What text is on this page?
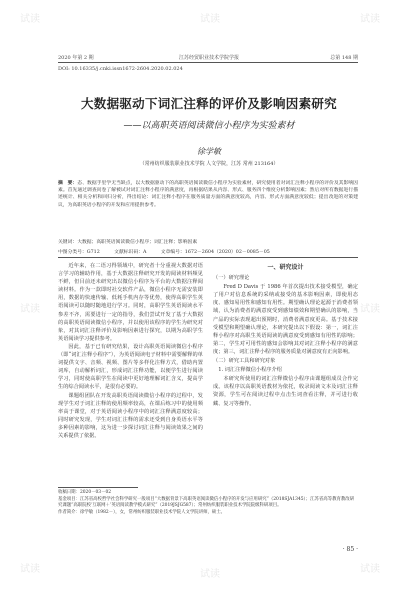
试读	试读	试读
试读	试读
试读	试读	试读
2020 年第 2 期	江苏经贸职业技术学院学报	总第 148 期
DOI: 10.16335/j.cnki.issn1672-2604.2020.02.024
大数据驱动下词汇注释的评价及影响因素研究
——以高职英语阅读微信小程序为实验素材
徐学敏
（常州纺织服装职业技术学院 人文学院，江苏 常州 213164）
摘　要：态、数据手里学无当缺点，以大数据驱动下的高职英语阅读微信小程序为实验素材，研究使用者对词汇注释小程序的评价及其影响因素。首先通过调查问卷了解被试对词汇注释小程序的满意度，再根据结果从内容、形式、服务四个维度分析影响因素；然后对所有数据进行描述统计、相关分析和回归分析，得出结论：词汇注释小程序在服务质量方面的满意度较高，内容、形式方面满意度较低；提出改进的对策建议，为高职英语小程序的开发和应用提供参考。
关键词：大数据；高职英语阅读微信小程序；词汇注释；影响因素
中图分类号：G712　　　文献标识码：A　　　文章编号：1672－2604（2020）02－0085－05

近年来，在二语习得领域中，研究者十分重视大数据对语言学习的辅助作用，基于大数据注释研究开发的阅读材料频见不鲜，但目前还未研究出以微信小程序为平台的大数据注释阅读材料。作为一款即时社交软件产品，微信小程序无需安装即用，数据的快速传输、低耗手机内存等优势，使得高职学生英语阅读可以随时随地进行学习。同时，高职学生英语阅读水平参差不齐，需要进行一定的指导，我们尝试开发了基于大数据的高职英语阅读微信小程序，并以使用该程序的学生为研究对象，对其词汇注释评价及影响因素进行探究，以期为高职学生英语阅读学习提供参考。

因此，基于已有研究结果，设计高职英语阅读微信小程序（即“词汇注释小程序”），为英语阅读电子材料中需要解释的单词提供文字、音频、视频、图片等多样化注释方式，借助内置词库，自动解析词汇，形成词汇注释功能，以便学生进行阅读学习，同时使高职学生在阅读中更好地理解词汇含义，提高学生的综合阅读水平，是很有必要的。

课题组团队在开发高职英语阅读微信小程序的过程中，发现学生对于词汇注释的使用频率较高，在课后练习中的使用频率高于课堂，对于英语阅读小程序中的词汇注释满意度较高；同时研究发现，学生对词汇注释的需求还受到自身英语水平等多种因素的影响，这为进一步探讨词汇注释与阅读效果之间的关系提供了依据。

一、研究设计

（一）研究理论

Fred D Davis 于 1986 年首次提出技术接受模型，确定了用户对信息系统的采纳或接受的基本影响因素，即使用态度、感知易用性和感知有用性。期望确认理论起源于消费者领域，认为消费者的满意度受到感知绩效和期望确认的影响，当产品的实际表现超出预期时，消费者满意度更高。基于技术接受模型和期望确认理论，本研究提出以下假设：第一，词汇注释小程序对高职生英语阅读的满意度受到感知有用性的影响；第二，学生对可用性的感知会影响其对词汇注释小程序的满意度；第三，词汇注释小程序的服务质量对满意度有正向影响。

（二）研究工具和研究对象

1. 词汇注释微信小程序介绍

本研究所使用的词汇注释微信小程序由课题组成员合作完成。该程序以高职英语教材为依托，收录阅读文本及词汇注释资源，学生可在阅读过程中点击生词查看注释，并可进行收藏、复习等操作。

收稿日期：2020－03－02
基金项目：江苏省高校哲学社会科学研究一般项目“大数据背景下高职英语阅读微信小程序的开发与应用研究”（2018SJA1345）；江苏省高等教育教改研究课题“高职院校‘互联网＋’英语阅读教学模式研究”（2019JSJG587）；常州纺织服装职业技术学院院级科研项目。
作者简介：徐学敏（1982－），女，常州纺织服装职业技术学院人文学院讲师，硕士。
· 85 ·
